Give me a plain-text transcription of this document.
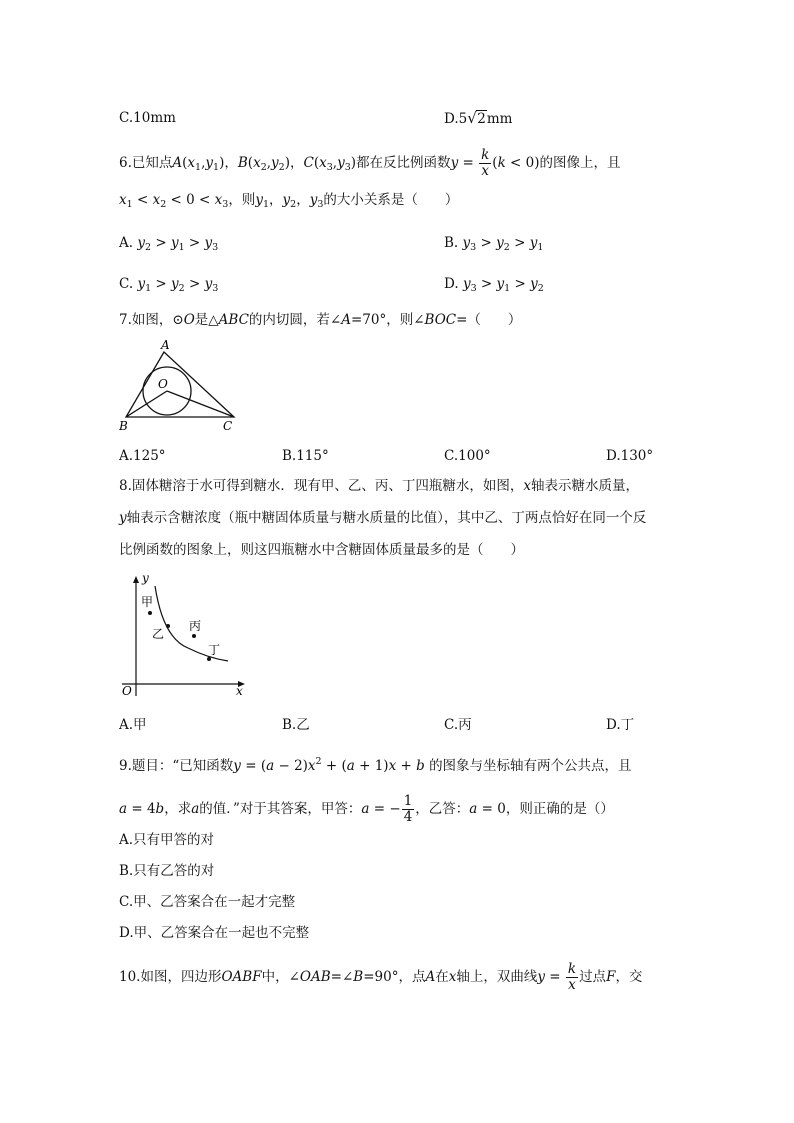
C.10mm	D.5√2mm
6.已知点$A(x_1,y_1)$，$B(x_2,y_2)$，$C(x_3,y_3)$都在反比例函数$y = \frac{k}{x} (k < 0)$的图像上，且
$x_1 < x_2 < 0 < x_3$，则$y_1$，$y_2$，$y_3$的大小关系是（　　）
A. $y_2 > y_1 > y_3$	B. $y_3 > y_2 > y_1$
C. $y_1 > y_2 > y_3$	D. $y_3 > y_1 > y_2$
7.如图，⊙O是△ABC的内切圆，若∠A=70°，则∠BOC=（　　）
A
O
B	C
A.125°	B.115°	C.100°	D.130°
8.固体糖溶于水可得到糖水．现有甲、乙、丙、丁四瓶糖水，如图，x轴表示糖水质量，
y轴表示含糖浓度（瓶中糖固体质量与糖水质量的比值），其中乙、丁两点恰好在同一个反
比例函数的图象上，则这四瓶糖水中含糖固体质量最多的是（　　）
y
x
O
甲
乙
丙
丁
A.甲	B.乙	C.丙	D.丁
9.题目：“已知函数$y = (a - 2)x^2 + (a + 1)x + b$ 的图象与坐标轴有两个公共点，且
a = 4b，求a的值．”对于其答案，甲答：a = − $\frac{1}{4}$ ，乙答：a = 0，则正确的是（）
A.只有甲答的对
B.只有乙答的对
C.甲、乙答案合在一起才完整
D.甲、乙答案合在一起也不完整
10.如图，四边形OABF中，∠OAB=∠B=90°，点A在x轴上，双曲线$y = \frac{k}{x}$ 过点F，交
